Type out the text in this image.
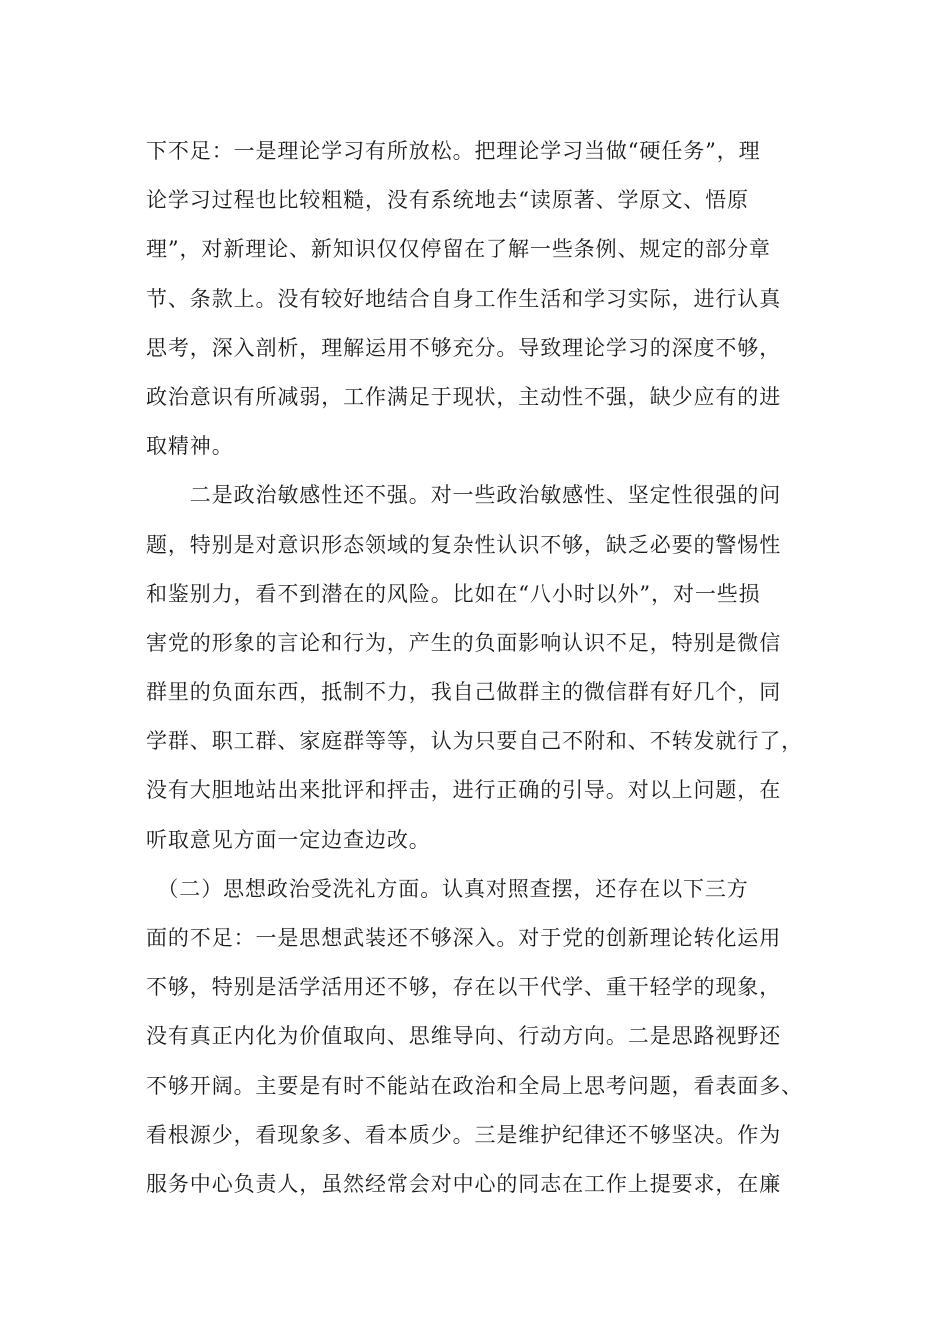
下不足：一是理论学习有所放松。把理论学习当做“硬任务”，理
论学习过程也比较粗糙，没有系统地去“读原著、学原文、悟原
理”，对新理论、新知识仅仅停留在了解一些条例、规定的部分章
节、条款上。没有较好地结合自身工作生活和学习实际，进行认真
思考，深入剖析，理解运用不够充分。导致理论学习的深度不够，
政治意识有所减弱，工作满足于现状，主动性不强，缺少应有的进
取精神。
　　二是政治敏感性还不强。对一些政治敏感性、坚定性很强的问
题，特别是对意识形态领域的复杂性认识不够，缺乏必要的警惕性
和鉴别力，看不到潜在的风险。比如在“八小时以外”，对一些损
害党的形象的言论和行为，产生的负面影响认识不足，特别是微信
群里的负面东西，抵制不力，我自己做群主的微信群有好几个，同
学群、职工群、家庭群等等，认为只要自己不附和、不转发就行了，
没有大胆地站出来批评和抨击，进行正确的引导。对以上问题，在
听取意见方面一定边查边改。
　（二）思想政治受洗礼方面。认真对照查摆，还存在以下三方
面的不足：一是思想武装还不够深入。对于党的创新理论转化运用
不够，特别是活学活用还不够，存在以干代学、重干轻学的现象，
没有真正内化为价值取向、思维导向、行动方向。二是思路视野还
不够开阔。主要是有时不能站在政治和全局上思考问题，看表面多、
看根源少，看现象多、看本质少。三是维护纪律还不够坚决。作为
服务中心负责人，虽然经常会对中心的同志在工作上提要求，在廉
